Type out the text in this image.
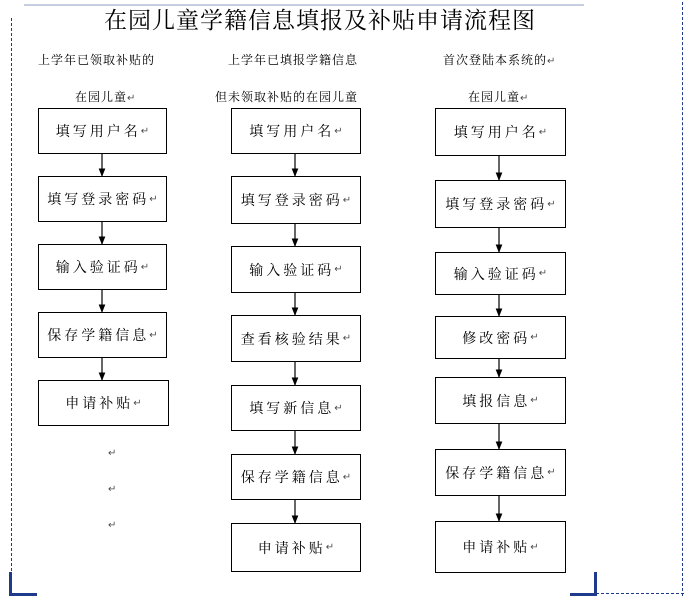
在园儿童学籍信息填报及补贴申请流程图
上学年已领取补贴的
在园儿童↵
上学年已填报学籍信息
但未领取补贴的在园儿童
首次登陆本系统的↵
在园儿童↵
填写用户名 ↵
填写登录密码 ↵
输入验证码 ↵
保存学籍信息 ↵
申请补贴 ↵
↵
↵
↵
填写用户名 ↵
填写登录密码 ↵
输入验证码 ↵
查看核验结果 ↵
填写新信息 ↵
保存学籍信息 ↵
申请补贴 ↵
填写用户名 ↵
填写登录密码 ↵
输入验证码 ↵
修改密码 ↵
填报信息 ↵
保存学籍信息 ↵
申请补贴 ↵
